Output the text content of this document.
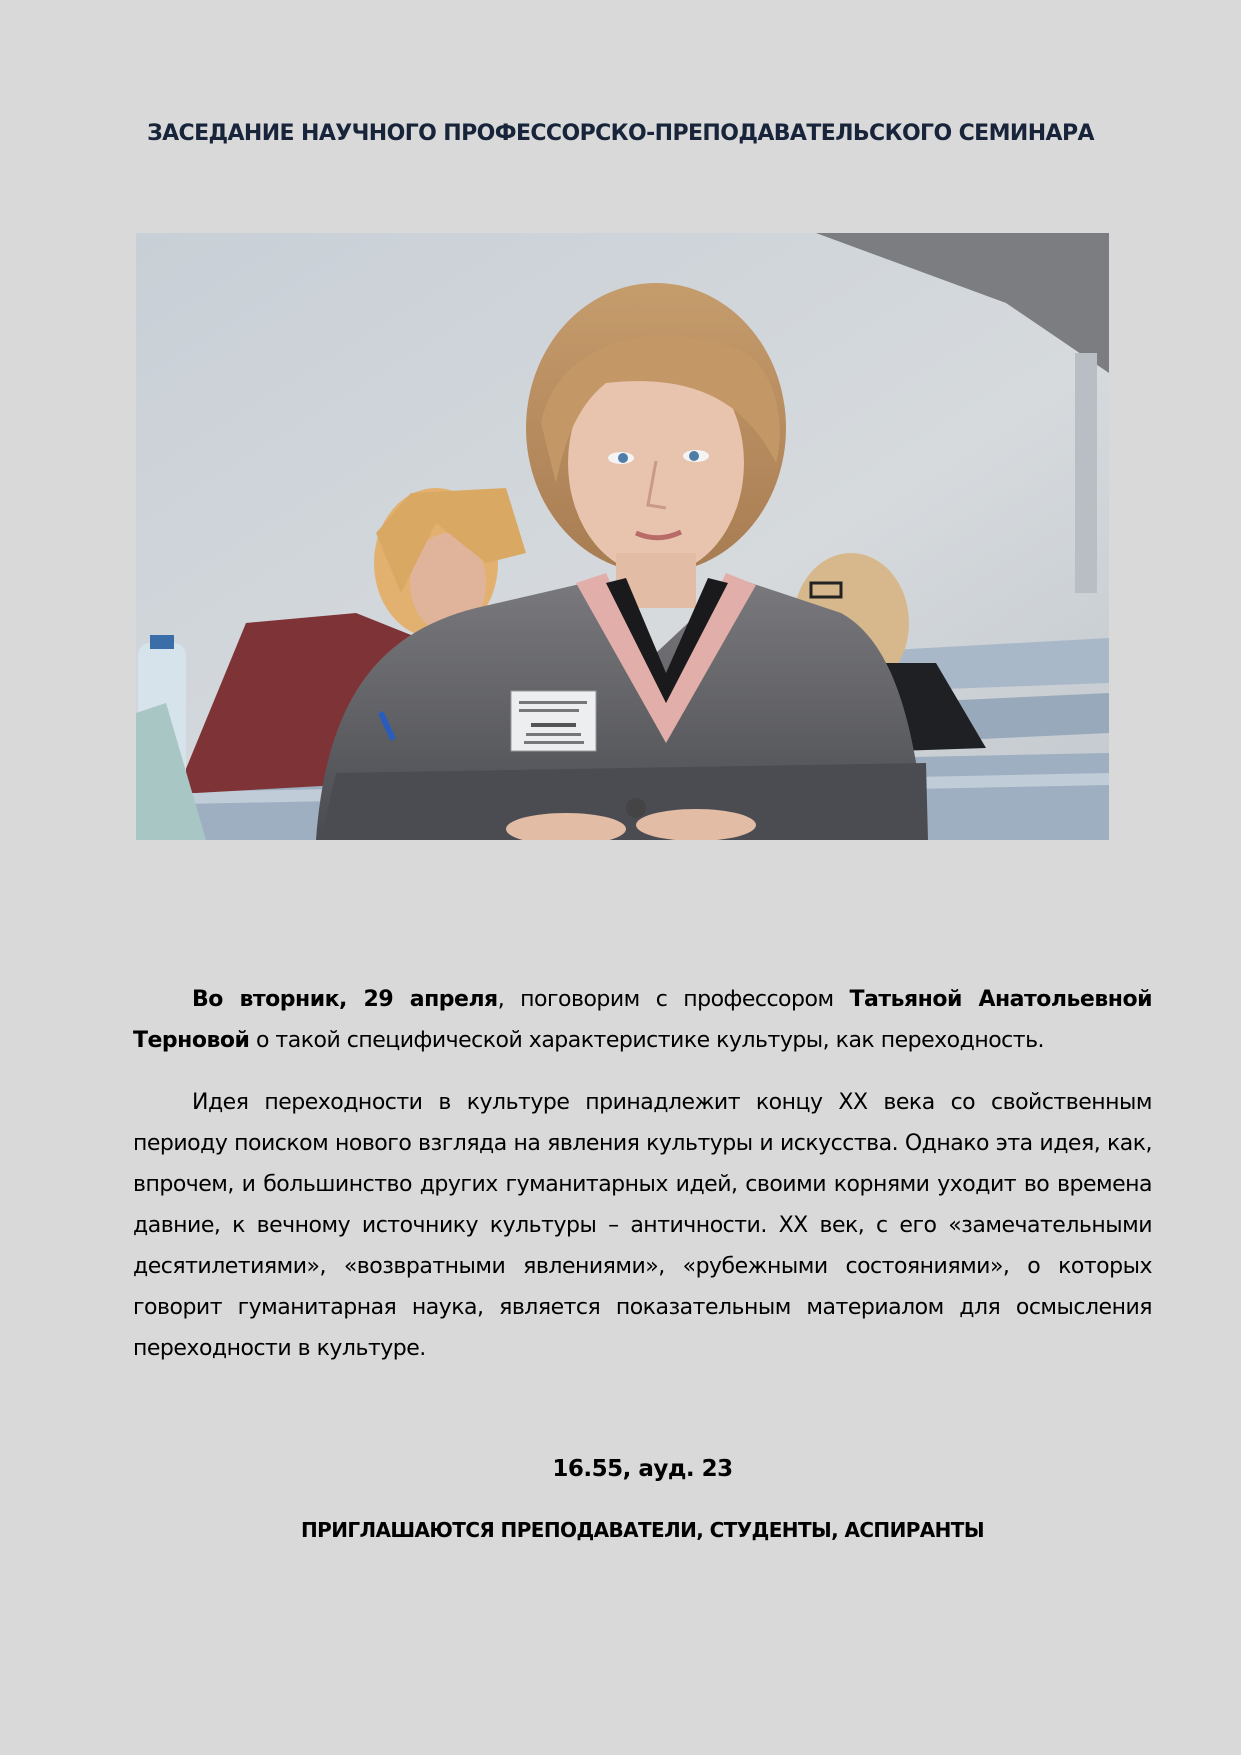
ЗАСЕДАНИЕ НАУЧНОГО ПРОФЕССОРСКО-ПРЕПОДАВАТЕЛЬСКОГО СЕМИНАРА

Во вторник, 29 апреля, поговорим с профессором Татьяной Анатольевной Терновой о такой специфической характеристике культуры, как переходность.

Идея переходности в культуре принадлежит концу XX века со свойственным периоду поиском нового взгляда на явления культуры и искусства. Однако эта идея, как, впрочем, и большинство других гуманитарных идей, своими корнями уходит во времена давние, к вечному источнику культуры – античности. XX век, с его «замечательными десятилетиями», «возвратными явлениями», «рубежными состояниями», о которых говорит гуманитарная наука, является показательным материалом для осмысления переходности в культуре.

16.55, ауд. 23
ПРИГЛАШАЮТСЯ ПРЕПОДАВАТЕЛИ, СТУДЕНТЫ, АСПИРАНТЫ
